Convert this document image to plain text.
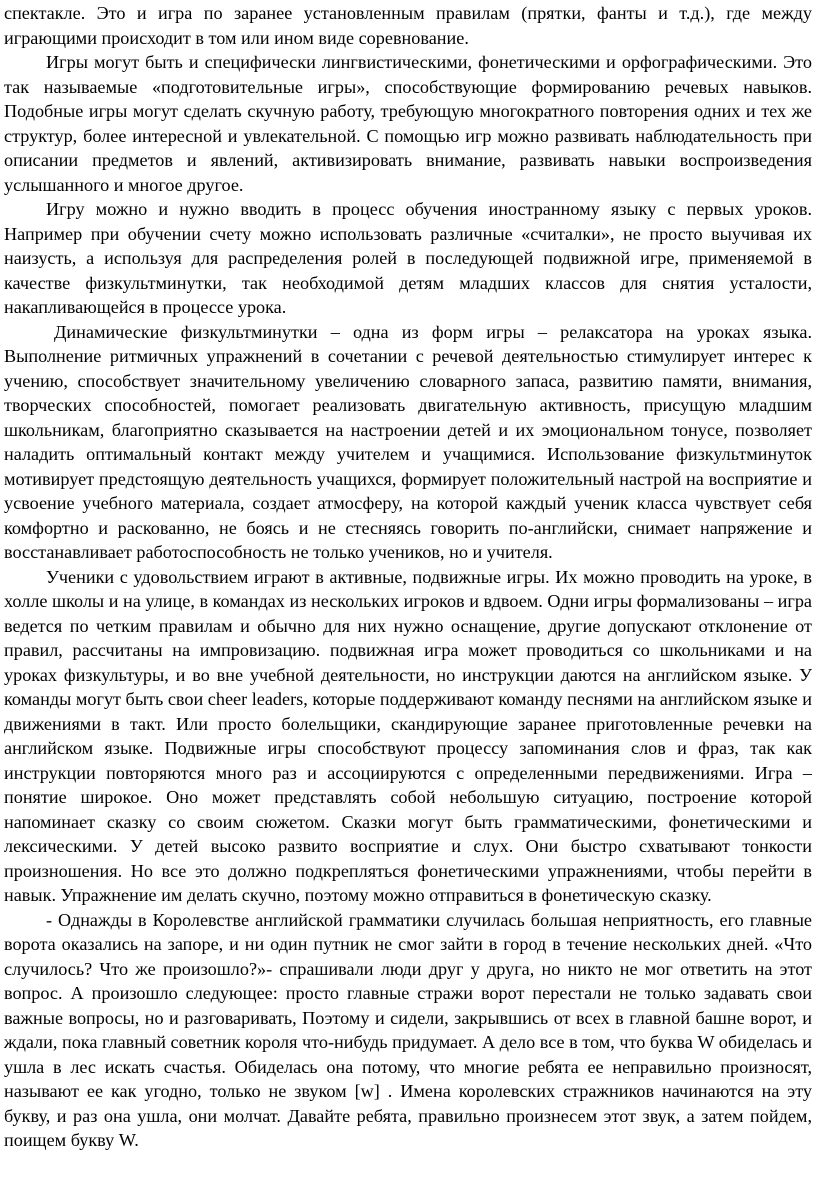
спектакле. Это и игра по заранее установленным правилам (прятки, фанты и т.д.), где между играющими происходит в том или ином виде соревнование.

Игры могут быть и специфически лингвистическими, фонетическими и орфографическими. Это так называемые «подготовительные игры», способствующие формированию речевых навыков. Подобные игры могут сделать скучную работу, требующую многократного повторения одних и тех же структур, более интересной и увлекательной. С помощью игр можно развивать наблюдательность при описании предметов и явлений, активизировать внимание, развивать навыки воспроизведения услышанного и многое другое.

Игру можно и нужно вводить в процесс обучения иностранному языку с первых уроков. Например при обучении счету можно использовать различные «считалки», не просто выучивая их наизусть, а используя для распределения ролей в последующей подвижной игре, применяемой в качестве физкультминутки, так необходимой детям младших классов для снятия усталости, накапливающейся в процессе урока.

Динамические физкультминутки – одна из форм игры – релаксатора на уроках языка. Выполнение ритмичных упражнений в сочетании с речевой деятельностью стимулирует интерес к учению, способствует значительному увеличению словарного запаса, развитию памяти, внимания, творческих способностей, помогает реализовать двигательную активность, присущую младшим школьникам, благоприятно сказывается на настроении детей и их эмоциональном тонусе, позволяет наладить оптимальный контакт между учителем и учащимися. Использование физкультминуток мотивирует предстоящую деятельность учащихся, формирует положительный настрой на восприятие и усвоение учебного материала, создает атмосферу, на которой каждый ученик класса чувствует себя комфортно и раскованно, не боясь и не стесняясь говорить по-английски, снимает напряжение и восстанавливает работоспособность не только учеников, но и учителя.

Ученики с удовольствием играют в активные, подвижные игры. Их можно проводить на уроке, в холле школы и на улице, в командах из нескольких игроков и вдвоем. Одни игры формализованы – игра ведется по четким правилам и обычно для них нужно оснащение, другие допускают отклонение от правил, рассчитаны на импровизацию. подвижная игра может проводиться со школьниками и на уроках физкультуры, и во вне учебной деятельности, но инструкции даются на английском языке. У команды могут быть свои cheer leaders, которые поддерживают команду песнями на английском языке и движениями в такт. Или просто болельщики, скандирующие заранее приготовленные речевки на английском языке. Подвижные игры способствуют процессу запоминания слов и фраз, так как инструкции повторяются много раз и ассоциируются с определенными передвижениями. Игра – понятие широкое. Оно может представлять собой небольшую ситуацию, построение которой напоминает сказку со своим сюжетом. Сказки могут быть грамматическими, фонетическими и лексическими. У детей высоко развито восприятие и слух. Они быстро схватывают тонкости произношения. Но все это должно подкрепляться фонетическими упражнениями, чтобы перейти в навык. Упражнение им делать скучно, поэтому можно отправиться в фонетическую сказку.

- Однажды в Королевстве английской грамматики случилась большая неприятность, его главные ворота оказались на запоре, и ни один путник не смог зайти в город в течение нескольких дней. «Что случилось? Что же произошло?»- спрашивали люди друг у друга, но никто не мог ответить на этот вопрос. А произошло следующее: просто главные стражи ворот перестали не только задавать свои важные вопросы, но и разговаривать, Поэтому и сидели, закрывшись от всех в главной башне ворот, и ждали, пока главный советник короля что-нибудь придумает. А дело все в том, что буква W обиделась и ушла в лес искать счастья. Обиделась она потому, что многие ребята ее неправильно произносят, называют ее как угодно, только не звуком [w] . Имена королевских стражников начинаются на эту букву, и раз она ушла, они молчат. Давайте ребята, правильно произнесем этот звук, а затем пойдем, поищем букву W.
